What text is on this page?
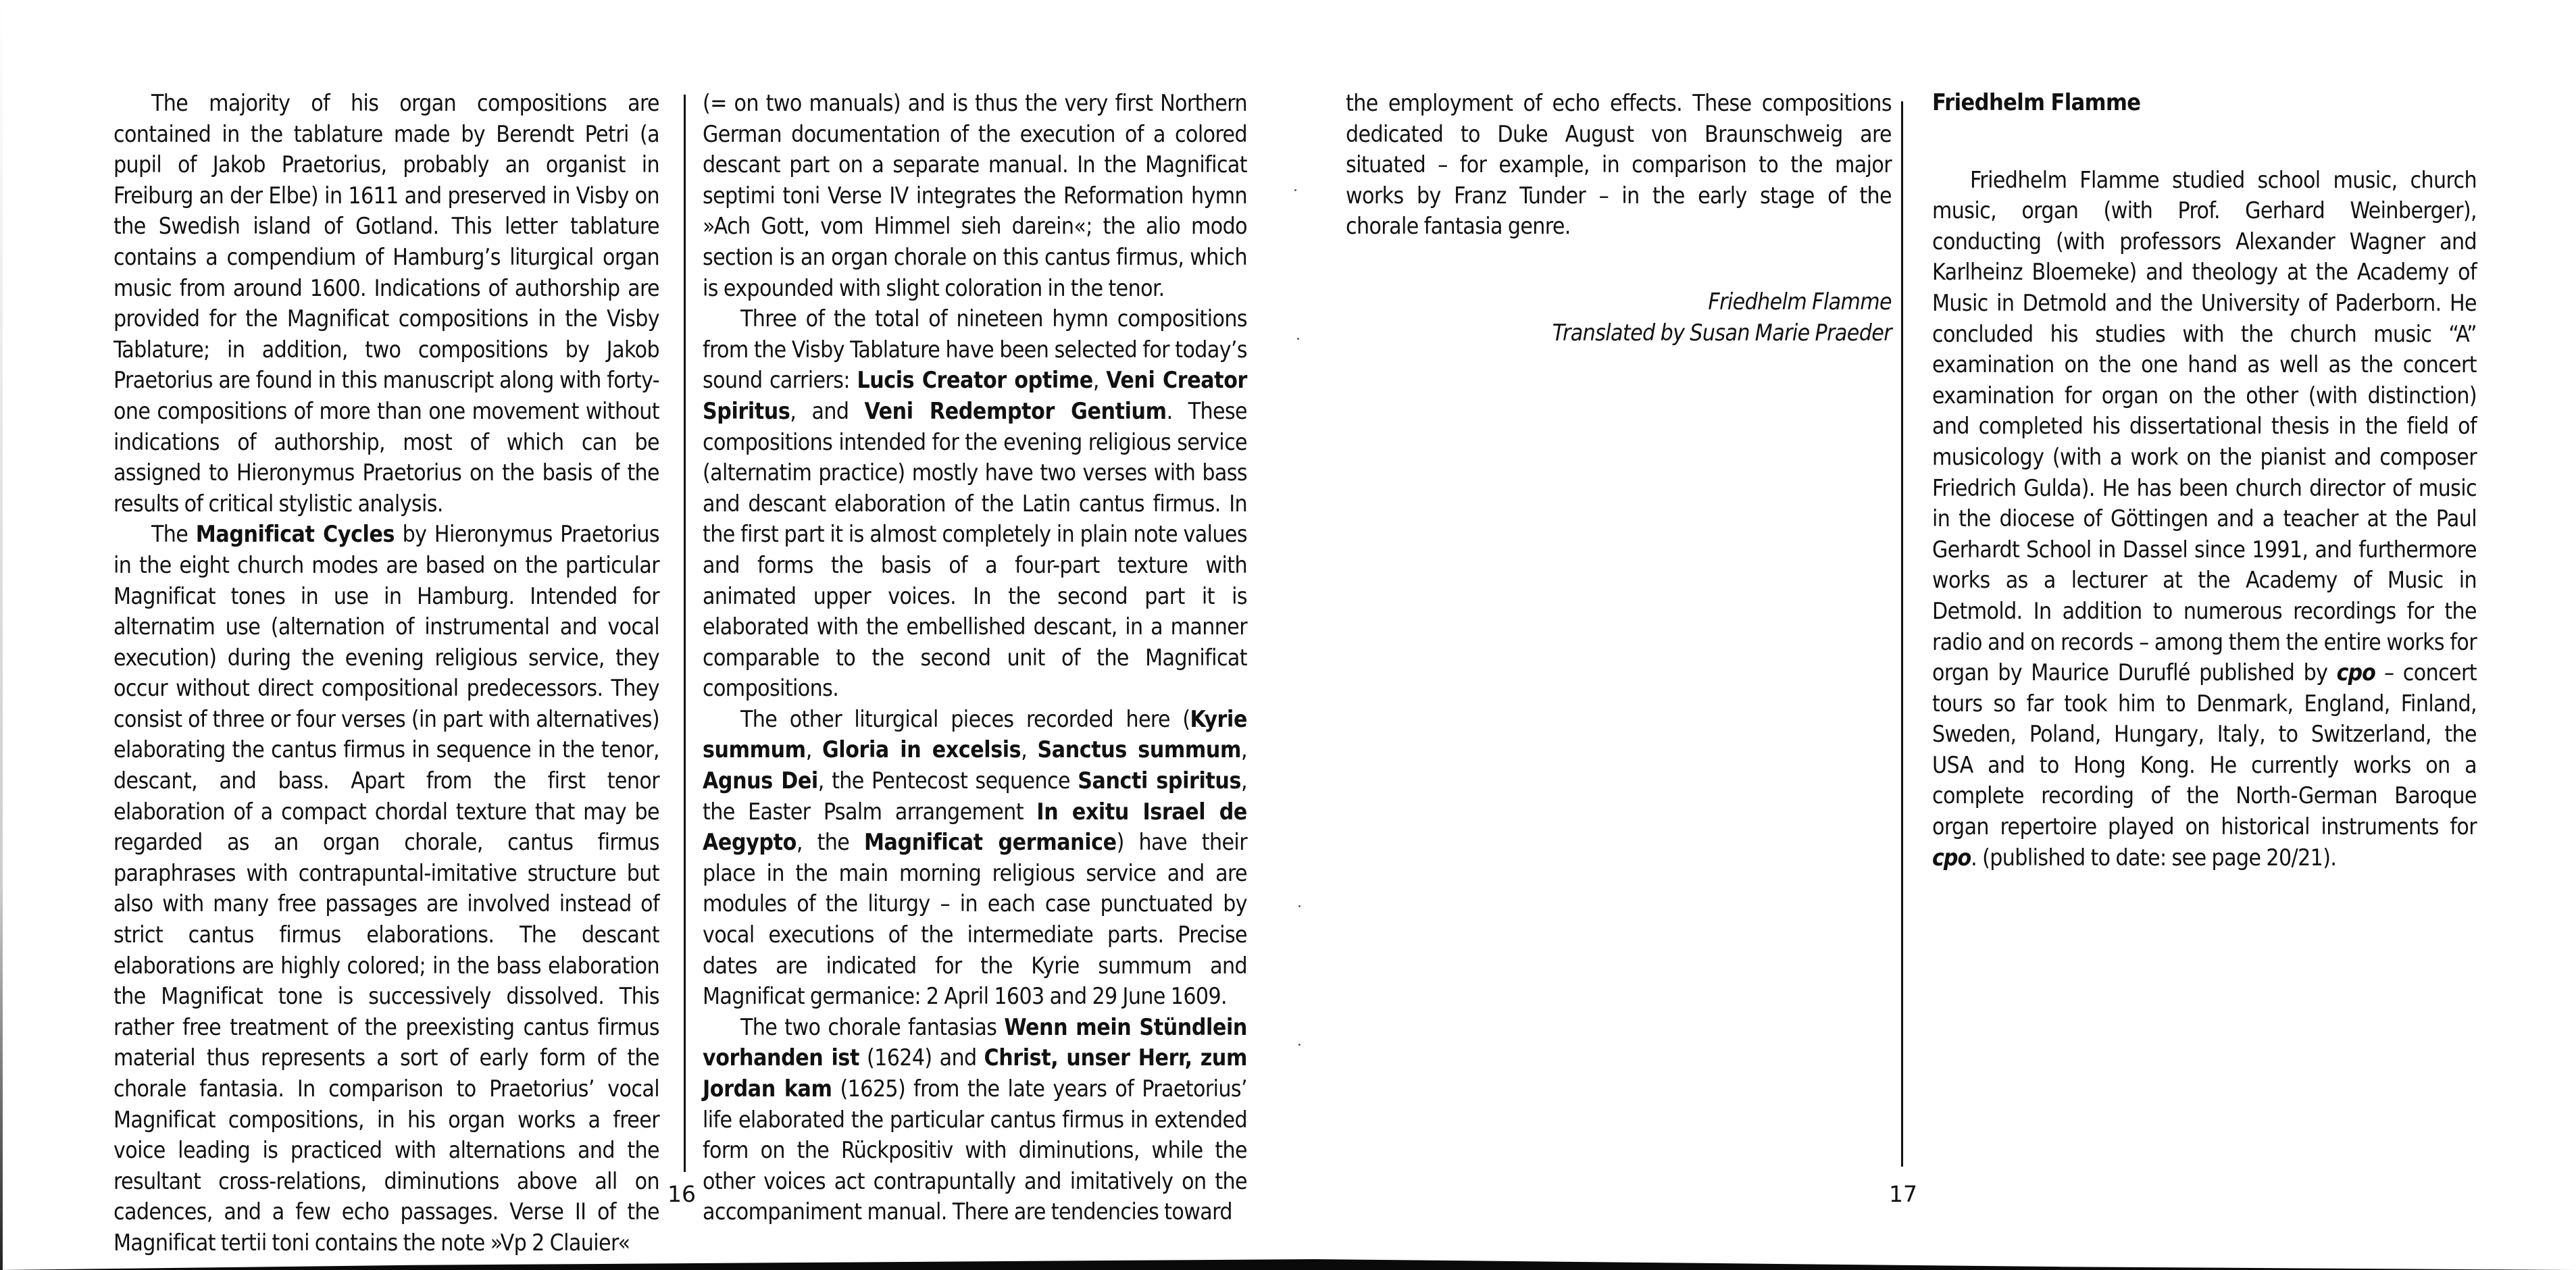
The majority of his organ compositions are contained in the tablature made by Berendt Petri (a pupil of Jakob Praetorius, probably an organist in Freiburg an der Elbe) in 1611 and preserved in Visby on the Swedish island of Gotland. This letter tablature contains a compendium of Hamburg’s liturgical organ music from around 1600. Indications of authorship are provided for the Magnificat compositions in the Visby Tablature; in addition, two compositions by Jakob Praetorius are found in this manuscript along with forty-one compositions of more than one movement without indications of authorship, most of which can be assigned to Hieronymus Praetorius on the basis of the results of critical stylistic analysis.

The Magnificat Cycles by Hieronymus Praetorius in the eight church modes are based on the particular Magnificat tones in use in Hamburg. Intended for alternatim use (alternation of instrumental and vocal execution) during the evening religious service, they occur without direct compositional predecessors. They consist of three or four verses (in part with alternatives) elaborating the cantus firmus in sequence in the tenor, descant, and bass. Apart from the first tenor elaboration of a compact chordal texture that may be regarded as an organ chorale, cantus firmus paraphrases with contrapuntal-imitative structure but also with many free passages are involved instead of strict cantus firmus elaborations. The descant elaborations are highly colored; in the bass elaboration the Magnificat tone is successively dissolved. This rather free treatment of the preexisting cantus firmus material thus represents a sort of early form of the chorale fantasia. In comparison to Praetorius’ vocal Magnificat compositions, in his organ works a freer voice leading is practiced with alternations and the resultant cross-relations, diminutions above all on cadences, and a few echo passages. Verse II of the Magnificat tertii toni contains the note »Vp 2 Clauier«

(= on two manuals) and is thus the very first Northern German documentation of the execution of a colored descant part on a separate manual. In the Magnificat septimi toni Verse IV integrates the Reformation hymn »Ach Gott, vom Himmel sieh darein«; the alio modo section is an organ chorale on this cantus firmus, which is expounded with slight coloration in the tenor.

Three of the total of nineteen hymn compositions from the Visby Tablature have been selected for today’s sound carriers: Lucis Creator optime, Veni Creator Spiritus, and Veni Redemptor Gentium. These compositions intended for the evening religious service (alternatim practice) mostly have two verses with bass and descant elaboration of the Latin cantus firmus. In the first part it is almost completely in plain note values and forms the basis of a four-part texture with animated upper voices. In the second part it is elaborated with the embellished descant, in a manner comparable to the second unit of the Magnificat compositions.

The other liturgical pieces recorded here (Kyrie summum, Gloria in excelsis, Sanctus summum, Agnus Dei, the Pentecost sequence Sancti spiritus, the Easter Psalm arrangement In exitu Israel de Aegypto, the Magnificat germanice) have their place in the main morning religious service and are modules of the liturgy – in each case punctuated by vocal executions of the intermediate parts. Precise dates are indicated for the Kyrie summum and Magnificat germanice: 2 April 1603 and 29 June 1609.

The two chorale fantasias Wenn mein Stündlein vorhanden ist (1624) and Christ, unser Herr, zum Jordan kam (1625) from the late years of Praetorius’ life elaborated the particular cantus firmus in extended form on the Rückpositiv with diminutions, while the other voices act contrapuntally and imitatively on the accompaniment manual. There are tendencies toward

16

the employment of echo effects. These compositions dedicated to Duke August von Braunschweig are situated – for example, in comparison to the major works by Franz Tunder – in the early stage of the chorale fantasia genre.

Friedhelm Flamme

Translated by Susan Marie Praeder

Friedhelm Flamme

Friedhelm Flamme studied school music, church music, organ (with Prof. Gerhard Weinberger), conducting (with professors Alexander Wagner and Karlheinz Bloemeke) and theology at the Academy of Music in Detmold and the University of Paderborn. He concluded his studies with the church music “A” examination on the one hand as well as the concert examination for organ on the other (with distinction) and completed his dissertational thesis in the field of musicology (with a work on the pianist and composer Friedrich Gulda). He has been church director of music in the diocese of Göttingen and a teacher at the Paul Gerhardt School in Dassel since 1991, and furthermore works as a lecturer at the Academy of Music in Detmold. In addition to numerous recordings for the radio and on records – among them the entire works for organ by Maurice Duruflé published by cpo – concert tours so far took him to Denmark, England, Finland, Sweden, Poland, Hungary, Italy, to Switzerland, the USA and to Hong Kong. He currently works on a complete recording of the North-German Baroque organ repertoire played on historical instruments for cpo. (published to date: see page 20/21).

17
